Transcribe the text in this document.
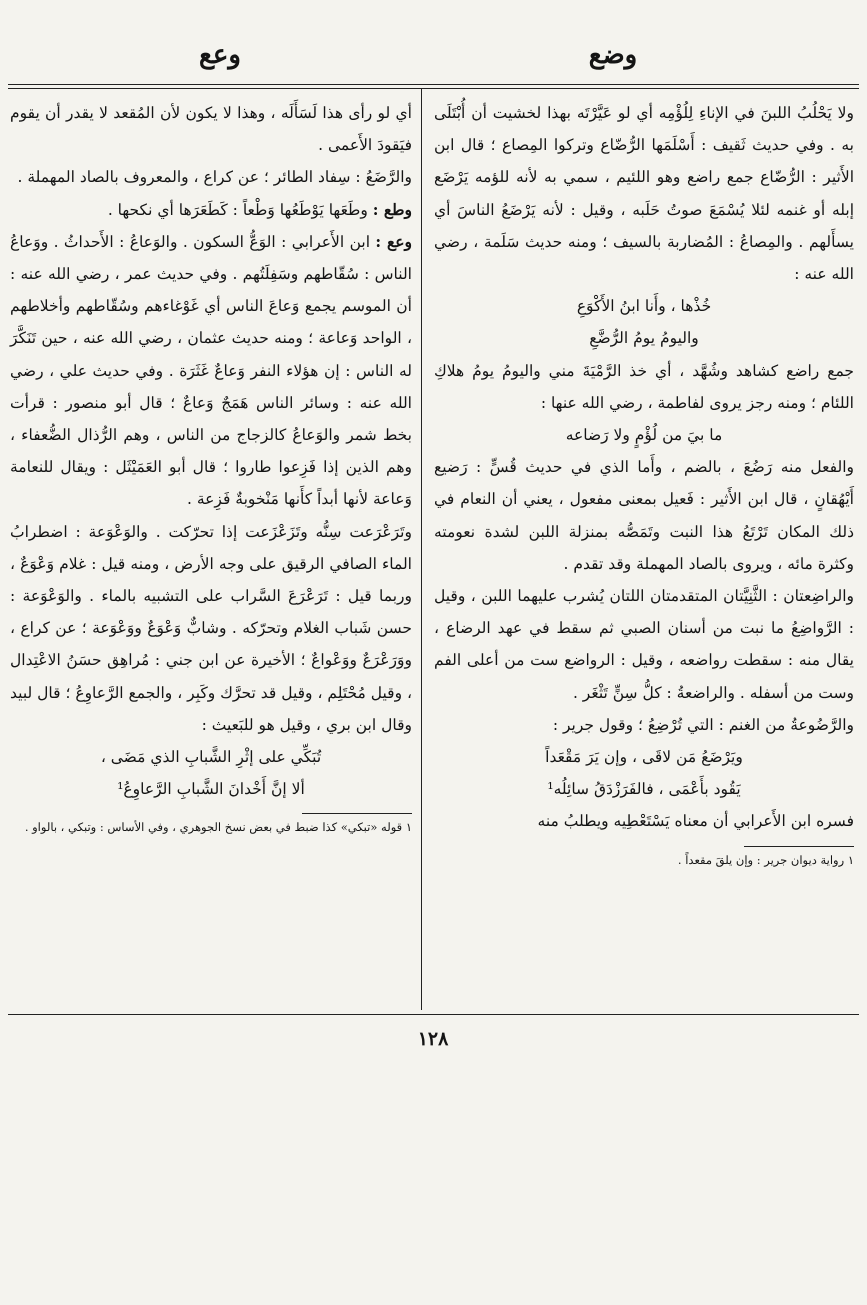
وضع
وعع

ولا يَحْلُبُ اللبنَ في الإناءِ لِلُؤْمِه أي لو عَيَّرْتَه بهذا لخشيت أن أُبْتَلَى به . وفي حديث ثَقيف : أَسْلَمَها الرُّضّاع وتركوا المِصاع ؛ قال ابن الأَثير : الرُّضّاع جمع راضع وهو اللئيم ، سمي به لأنه للؤمه يَرْضَع إبله أو غنمه لئلا يُسْمَعَ صوتُ حَلَبه ، وقيل : لأنه يَرْضَعُ الناسَ أي يسأَلهم . والمِصاعُ : المُضاربة بالسيف ؛ ومنه حديث سَلَمة ، رضي الله عنه :

خُذْها ، وأَنا ابنُ الأَكْوَعِ

واليومُ يومُ الرُّضَّعِ

جمع راضع كشاهد وشُهَّد ، أي خذ الرَّمْيَةَ مني واليومُ يومُ هلاكِ اللئام ؛ ومنه رجز يروى لفاطمة ، رضي الله عنها :

ما بيَ من لُؤْمٍ ولا رَضاعه

والفعل منه رَضُعَ ، بالضم ، وأَما الذي في حديث قُسٍّ : رَضيع أَيْهُقانٍ ، قال ابن الأَثير : فَعيل بمعنى مفعول ، يعني أن النعام في ذلك المكان تَرْتَعُ هذا النبت وتَمَصُّه بمنزلة اللبن لشدة نعومته وكثرة مائه ، ويروى بالصاد المهملة وقد تقدم .

والراضِعتان : الثَّنِيَّتان المتقدمتان اللتان يُشرب عليهما اللبن ، وقيل : الرَّواضِعُ ما نبت من أسنان الصبي ثم سقط في عهد الرضاع ، يقال منه : سقطت رواضعه ، وقيل : الرواضع ست من أعلى الفم وست من أسفله . والراضعةُ : كلُّ سِنٍّ تَثْغَر .

والرَّضُوعةُ من الغنم : التي تُرْضِعُ ؛ وقول جرير :

ويَرْضَعُ مَن لاقَى ، وإن يَرَ مَقْعَداً

يَقُود بأَعْمَى ، فالفَرَزْدَقُ سائِلُه¹

فسره ابن الأَعرابي أن معناه يَسْتَعْطِيه ويطلبُ منه

١ رواية ديوان جرير : وإن يلقَ مقعداً .

أي لو رأى هذا لَسَأَلَه ، وهذا لا يكون لأن المُقعد لا يقدر أن يقوم فيَقودَ الأَعمى .

والرَّضَعُ : سِفاد الطائر ؛ عن كراع ، والمعروف بالصاد المهملة .

وطع : وطَعَها يَوْطَعُها وَطْعاً : كَطَعَرَها أي نكحها .

وعع : ابن الأَعرابي : الوَعُّ السكون . والوَعاعُ : الأَحداثُ . ووَعاعُ الناس : سُقّاطهم وسَفِلَتُهم . وفي حديث عمر ، رضي الله عنه : أن الموسم يجمع وَعاعَ الناس أي غَوْغاءهم وسُقّاطهم وأخلاطهم ، الواحد وَعاعة ؛ ومنه حديث عثمان ، رضي الله عنه ، حين تَنَكَّرَ له الناس : إن هؤلاء النفر وَعاعٌ غَثَرَة . وفي حديث علي ، رضي الله عنه : وسائر الناس هَمَجٌ وَعاعٌ ؛ قال أبو منصور : قرأت بخط شمر والوَعاعُ كالزجاج من الناس ، وهم الرُّذال الضُّعفاء ، وهم الذين إذا فَزِعوا طاروا ؛ قال أبو العَمَيْثَل : ويقال للنعامة وَعاعة لأنها أبداً كأَنها مَنْخوبةٌ فَزِعة .

وتَرَعْرَعت سِنُّه وتَزَعْزَعت إذا تحرّكت . والوَعْوَعة : اضطرابُ الماء الصافي الرقيق على وجه الأرض ، ومنه قيل : غلام وَعْوَعٌ ، وربما قيل : تَرَعْرَعَ السَّراب على التشبيه بالماء . والوَعْوَعة : حسن شَباب الغلام وتحرّكه . وشابٌّ وَعْوَعٌ ووَعْوَعة ؛ عن كراع ، ووَرَعْرَعٌ ووَعْواعٌ ؛ الأخيرة عن ابن جني : مُراهِق حسَنُ الاعْتِدال ، وقيل مُحْتَلِم ، وقيل قد تحرَّك وكَبِر ، والجمع الرَّعاوِعُ ؛ قال لبيد وقال ابن بري ، وقيل هو للبَعيث :

تُبَكِّي على إثْرِ الشَّبابِ الذي مَضَى ،

ألا إنَّ أَخْدانَ الشَّبابِ الرَّعاوِعُ¹

١ قوله «تبكي» كذا ضبط في بعض نسخ الجوهري ، وفي الأساس : وتبكي ، بالواو .
١٢٨
